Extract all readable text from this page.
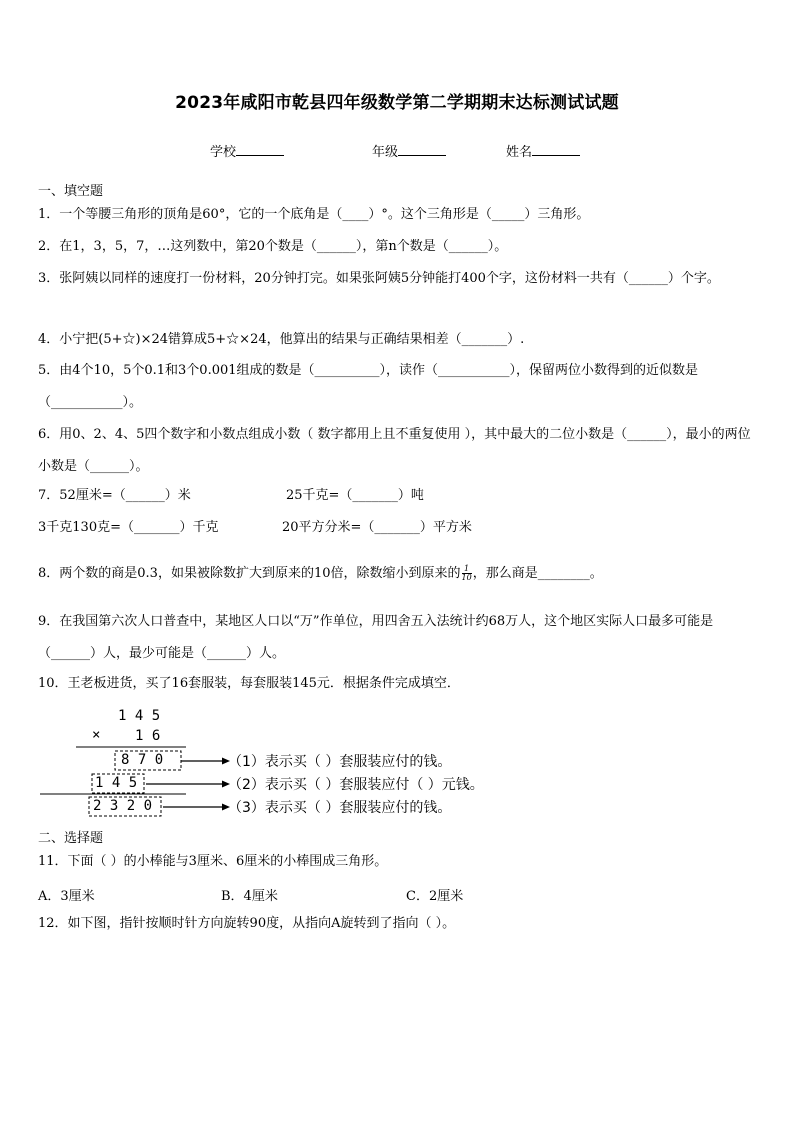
2023年咸阳市乾县四年级数学第二学期期末达标测试试题
学校	年级	姓名
一、填空题
1．一个等腰三角形的顶角是60°，它的一个底角是（____）°。这个三角形是（_____）三角形。
2．在1，3，5，7，…这列数中，第20个数是（______），第n个数是（______）。
3．张阿姨以同样的速度打一份材料，20分钟打完。如果张阿姨5分钟能打400个字，这份材料一共有（______）个字。
4．小宁把(5+☆)×24错算成5+☆×24，他算出的结果与正确结果相差（_______）.
5．由4个10，5个0.1和3个0.001组成的数是（__________），读作（___________），保留两位小数得到的近似数是（___________）。
6．用0、2、4、5四个数字和小数点组成小数（ 数字都用上且不重复使用 ），其中最大的二位小数是（______），最小的两位小数是（______）。
7．52厘米=（______）米	25千克=（_______）吨
3千克130克=（_______）千克	20平方分米=（_______）平方米
8．两个数的商是0.3，如果被除数扩大到原来的10倍，除数缩小到原来的 $\frac{1}{10}$ ，那么商是________。
9．在我国第六次人口普查中，某地区人口以“万”作单位，用四舍五入法统计约68万人，这个地区实际人口最多可能是（______）人，最少可能是（______）人。
10．王老板进货，买了16套服装，每套服装145元．根据条件完成填空．
1 4 5
× 1 6
8 7 0
1 4 5
2 3 2 0
（1）表示买（ ）套服装应付的钱。
（2）表示买（ ）套服装应付（ ）元钱。
（3）表示买（ ）套服装应付的钱。
二、选择题
11．下面（ ）的小棒能与3厘米、6厘米的小棒围成三角形。
A．3厘米	B．4厘米	C．2厘米
12．如下图，指针按顺时针方向旋转90度，从指向A旋转到了指向（ ）。
